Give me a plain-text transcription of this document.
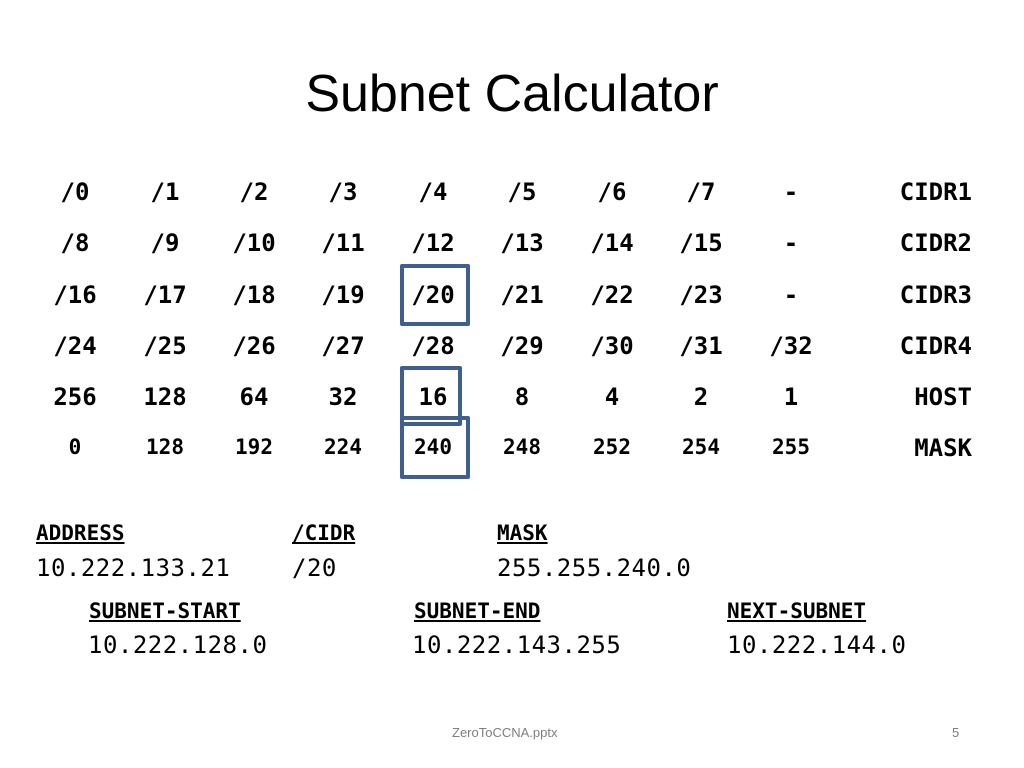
Subnet Calculator
/0	/1	/2	/3	/4	/5	/6	/7	-	CIDR1
/8	/9	/10	/11	/12	/13	/14	/15	-	CIDR2
/16	/17	/18	/19	/20	/21	/22	/23	-	CIDR3
/24	/25	/26	/27	/28	/29	/30	/31	/32	CIDR4
256	128	64	32	16	8	4	2	1	HOST
0	128	192	224	240	248	252	254	255	MASK
ADDRESS
10.222.133.21
/CIDR
/20
MASK
255.255.240.0
SUBNET-START
10.222.128.0
SUBNET-END
10.222.143.255
NEXT-SUBNET
10.222.144.0
ZeroToCCNA.pptx	5
